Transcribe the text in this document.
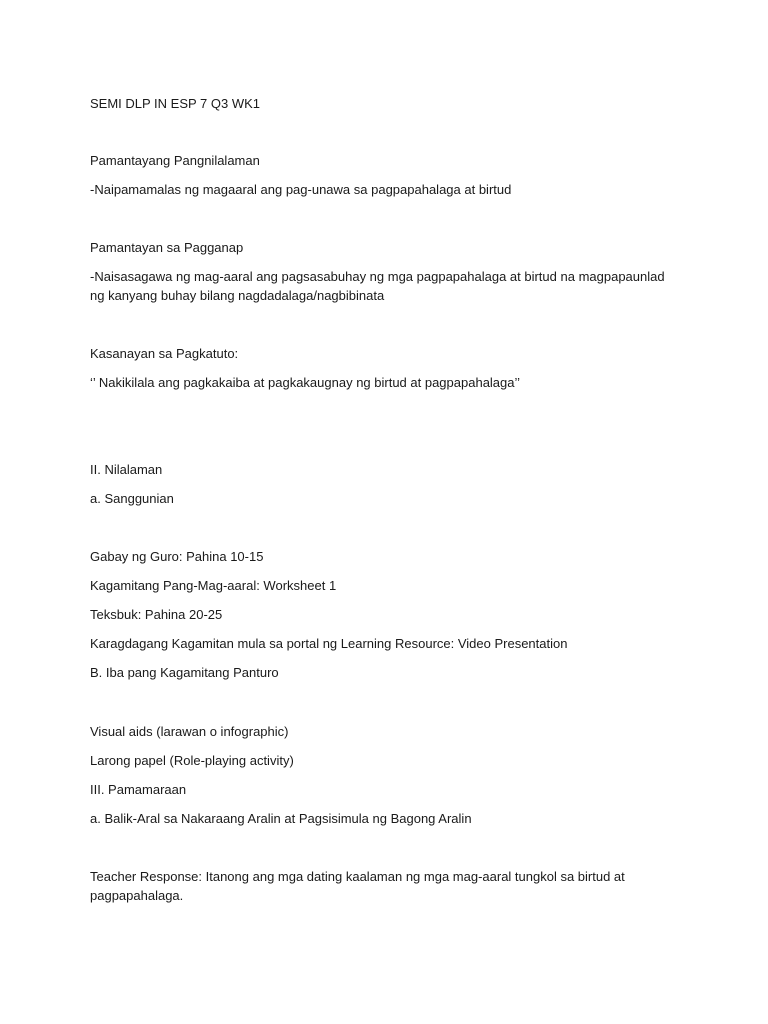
SEMI DLP IN ESP 7 Q3 WK1
Pamantayang Pangnilalaman
-Naipamamalas ng magaaral ang pag-unawa sa pagpapahalaga at birtud
Pamantayan sa Pagganap
-Naisasagawa ng mag-aaral ang pagsasabuhay ng mga pagpapahalaga at birtud na magpapaunlad ng kanyang buhay bilang nagdadalaga/nagbibinata
Kasanayan sa Pagkatuto:
‘’ Nakikilala ang pagkakaiba at pagkakaugnay ng birtud at pagpapahalaga’’
II. Nilalaman
a. Sanggunian
Gabay ng Guro: Pahina 10-15
Kagamitang Pang-Mag-aaral: Worksheet 1
Teksbuk: Pahina 20-25
Karagdagang Kagamitan mula sa portal ng Learning Resource: Video Presentation
B. Iba pang Kagamitang Panturo
Visual aids (larawan o infographic)
Larong papel (Role-playing activity)
III. Pamamaraan
a. Balik-Aral sa Nakaraang Aralin at Pagsisimula ng Bagong Aralin
Teacher Response: Itanong ang mga dating kaalaman ng mga mag-aaral tungkol sa birtud at pagpapahalaga.
